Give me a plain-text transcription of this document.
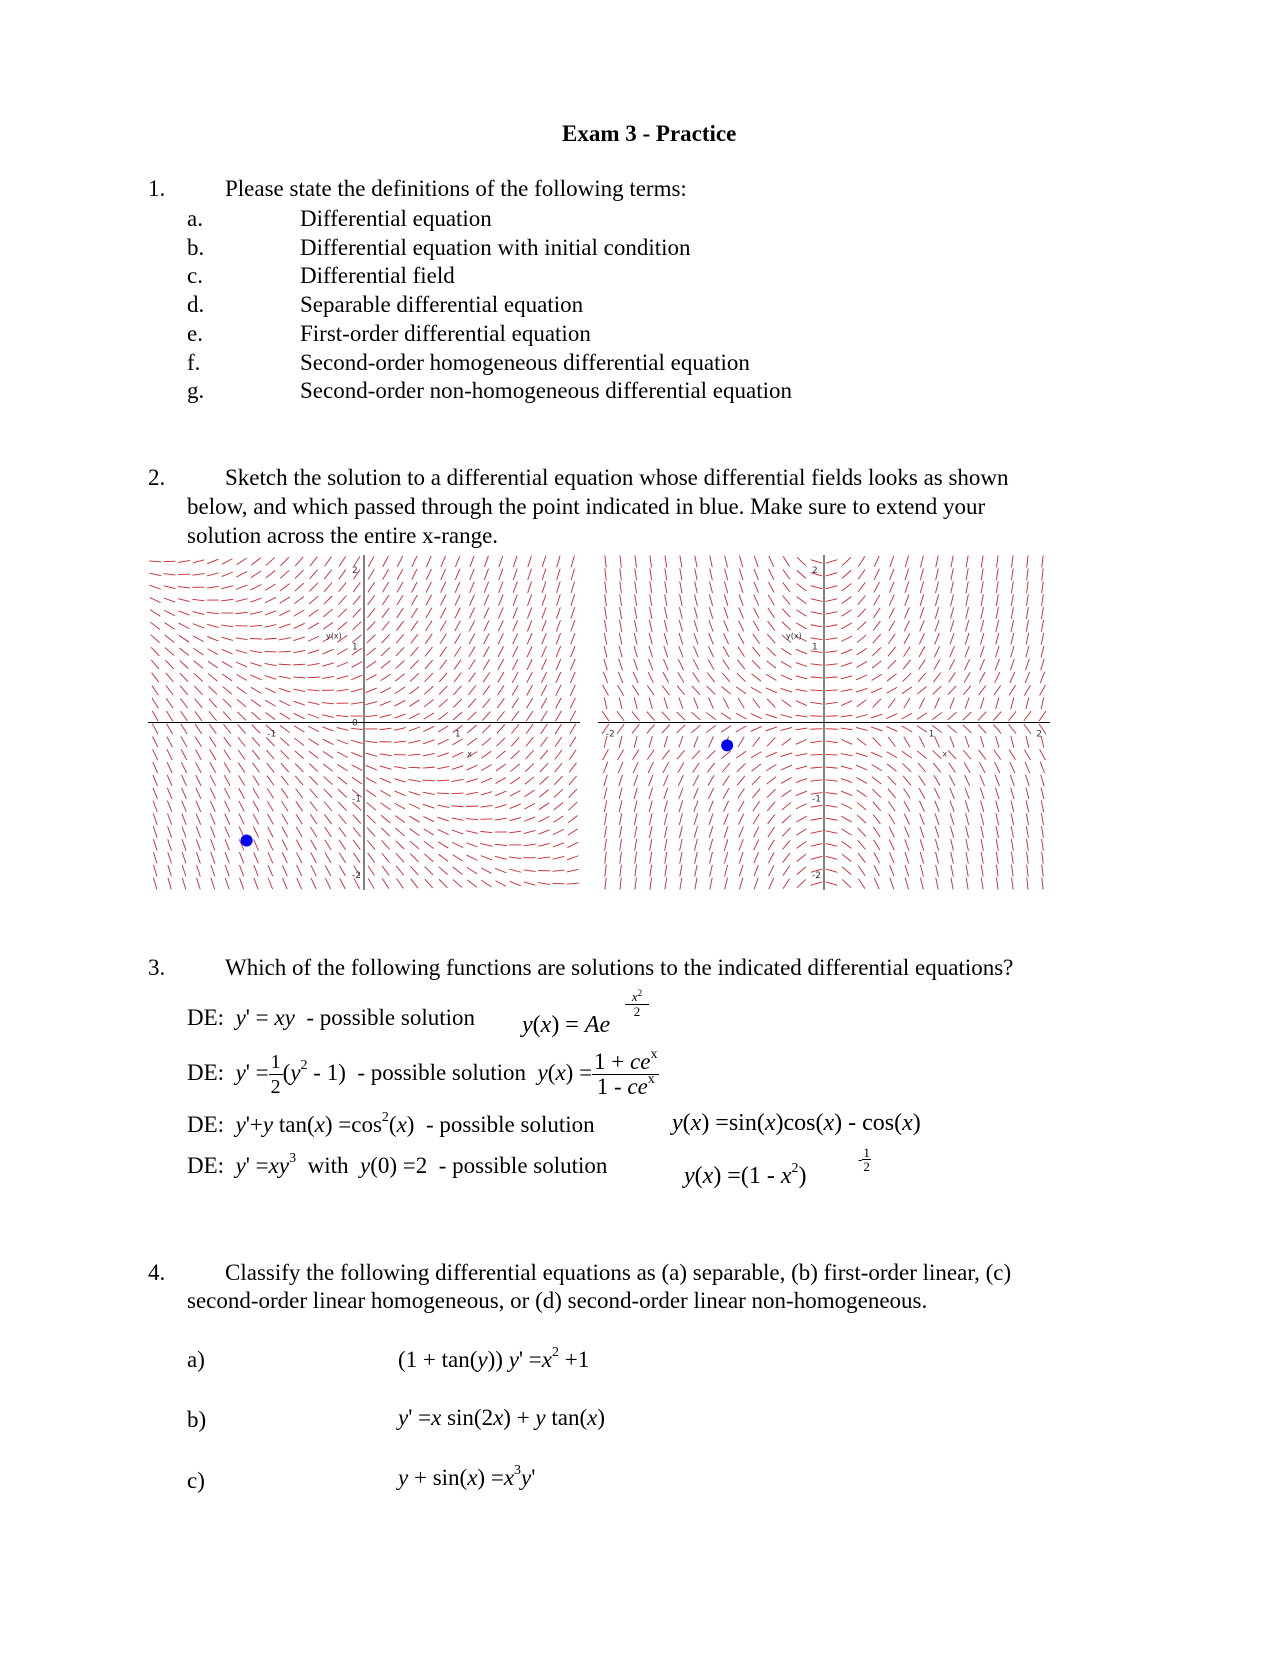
Exam 3 - Practice
1.	Please state the definitions of the following terms:
a.	Differential equation
b.	Differential equation with initial condition
c.	Differential field
d.	Separable differential equation
e.	First-order differential equation
f.	Second-order homogeneous differential equation
g.	Second-order non-homogeneous differential equation
2.	Sketch the solution to a differential equation whose differential fields looks as shown
below, and which passed through the point indicated in blue. Make sure to extend your
solution across the entire x-range.
-1	1
2
1
0
-1
-2
y(x)
x
-2	1	2
2
1
-1
-2
y(x)
x
3.	Which of the following functions are solutions to the indicated differential equations?
DE: y' = xy - possible solution y(x) = Ae
$x^2$
2
DE: $y' = \frac{1}{2} (y^2 - 1)$  - possible solution $y(x) = \frac{1 + ce^x}{1 - ce^x}$
DE: y'+y $\tan(x) =\cos^2(x)$  - possible solution	y(x) =sin(x)cos(x) - cos(x)
DE: $y' =xy^3$ with y(0) =2  - possible solution	$y(x) =(1 - x^2)$
- $\frac{1}{2}$
4.	Classify the following differential equations as (a) separable, (b) first-order linear, (c)
second-order linear homogeneous, or (d) second-order linear non-homogeneous.
a)	(1 + tan(y)) $y' =x^2 +1$
b)	y' =x sin(2x) + y tan(x)
c)	$y + \sin(x) =x^3y'$
